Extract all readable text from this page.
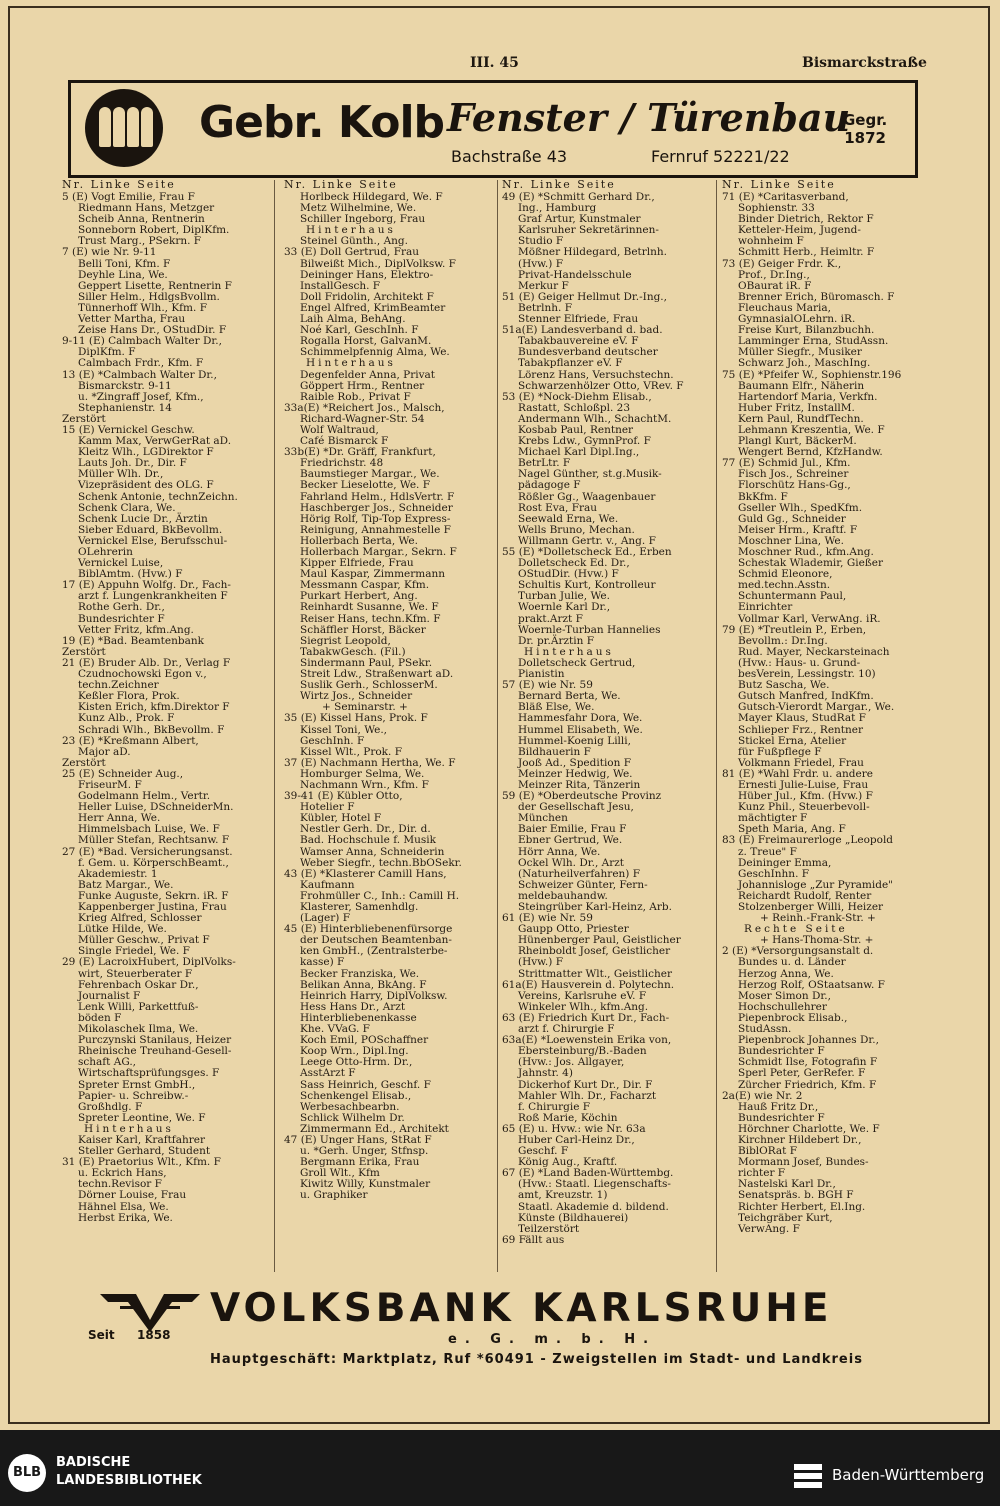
III. 45	Bismarckstraße
Gebr. Kolb Fenster / Türenbau
Gegr.
1872
Bachstraße 43	Fernruf 52221/22
Nr. Linke Seite
5 (E) Vogt Emilie, Frau F
Riedmann Hans, Metzger
Scheib Anna, Rentnerin
Sonneborn Robert, DiplKfm.
Trust Marg., PSekrn. F
7 (E) wie Nr. 9-11
Belli Toni, Kfm. F
Deyhle Lina, We.
Geppert Lisette, Rentnerin F
Siller Helm., HdlgsBvollm.
Tünnerhoff Wlh., Kfm. F
Vetter Martha, Frau
Zeise Hans Dr., OStudDir. F
9-11 (E) Calmbach Walter Dr.,
DiplKfm. F
Calmbach Frdr., Kfm. F
13 (E) *Calmbach Walter Dr.,
Bismarckstr. 9-11
u. *Zingraff Josef, Kfm.,
Stephanienstr. 14
Zerstört
15 (E) Vernickel Geschw.
Kamm Max, VerwGerRat aD.
Kleitz Wlh., LGDirektor F
Lauts Joh. Dr., Dir. F
Müller Wlh. Dr.,
Vizepräsident des OLG. F
Schenk Antonie, technZeichn.
Schenk Clara, We.
Schenk Lucie Dr., Ärztin
Sieber Eduard, BkBevollm.
Vernickel Else, Berufsschul-
OLehrerin
Vernickel Luise,
BiblAmtm. (Hvw.) F
17 (E) Appuhn Wolfg. Dr., Fach-
arzt f. Lungenkrankheiten F
Rothe Gerh. Dr.,
Bundesrichter F
Vetter Fritz, kfm.Ang.
19 (E) *Bad. Beamtenbank
Zerstört
21 (E) Bruder Alb. Dr., Verlag F
Czudnochowski Egon v.,
techn.Zeichner
Keßler Flora, Prok.
Kisten Erich, kfm.Direktor F
Kunz Alb., Prok. F
Schradi Wlh., BkBevollm. F
23 (E) *Kreßmann Albert,
Major aD.
Zerstört
25 (E) Schneider Aug.,
FriseurM. F
Godelmann Helm., Vertr.
Heller Luise, DSchneiderMn.
Herr Anna, We.
Himmelsbach Luise, We. F
Müller Stefan, Rechtsanw. F
27 (E) *Bad. Versicherungsanst.
f. Gem. u. KörperschBeamt.,
Akademiestr. 1
Batz Margar., We.
Funke Auguste, Sekrn. iR. F
Kappenberger Justina, Frau
Krieg Alfred, Schlosser
Lütke Hilde, We.
Müller Geschw., Privat F
Single Friedel, We. F
29 (E) LacroixHubert, DiplVolks-
wirt, Steuerberater F
Fehrenbach Oskar Dr.,
Journalist F
Lenk Willi, Parkettfuß-
böden F
Mikolaschek Ilma, We.
Purczynski Stanilaus, Heizer
Rheinische Treuhand-Gesell-
schaft AG.,
Wirtschaftsprüfungsges. F
Spreter Ernst GmbH.,
Papier- u. Schreibw.-
Großhdlg. F
Spreter Leontine, We. F
Hinterhaus
Kaiser Karl, Kraftfahrer
Steller Gerhard, Student
31 (E) Praetorius Wlt., Kfm. F
u. Eckrich Hans,
techn.Revisor F
Dörner Louise, Frau
Hähnel Elsa, We.
Herbst Erika, We.
Nr. Linke Seite
Horlbeck Hildegard, We. F
Metz Wilhelmine, We.
Schiller Ingeborg, Frau
Hinterhaus
Steinel Günth., Ang.
33 (E) Doll Gertrud, Frau
Bilweißt Mich., DiplVolksw. F
Deininger Hans, Elektro-
InstallGesch. F
Doll Fridolin, Architekt F
Engel Alfred, KrimBeamter
Laih Alma, BehAng.
Noé Karl, GeschInh. F
Rogalla Horst, GalvanM.
Schimmelpfennig Alma, We.
Hinterhaus
Degenfelder Anna, Privat
Göppert Hrm., Rentner
Raible Rob., Privat F
33a(E) *Reichert Jos., Malsch,
Richard-Wagner-Str. 54
Wolf Waltraud,
Café Bismarck F
33b(E) *Dr. Gräff, Frankfurt,
Friedrichstr. 48
Baumstieger Margar., We.
Becker Lieselotte, We. F
Fahrland Helm., HdlsVertr. F
Haschberger Jos., Schneider
Hörig Rolf, Tip-Top Express-
Reinigung, Annahmestelle F
Hollerbach Berta, We.
Hollerbach Margar., Sekrn. F
Kipper Elfriede, Frau
Maul Kaspar, Zimmermann
Messmann Caspar, Kfm.
Purkart Herbert, Ang.
Reinhardt Susanne, We. F
Reiser Hans, techn.Kfm. F
Schäffler Horst, Bäcker
Siegrist Leopold,
TabakwGesch. (Fil.)
Sindermann Paul, PSekr.
Streit Ldw., Straßenwart aD.
Suslik Gerh., SchlosserM.
Wirtz Jos., Schneider
+ Seminarstr. +
35 (E) Kissel Hans, Prok. F
Kissel Toni, We.,
GeschInh. F
Kissel Wlt., Prok. F
37 (E) Nachmann Hertha, We. F
Homburger Selma, We.
Nachmann Wrn., Kfm. F
39-41 (E) Kübler Otto,
Hotelier F
Kübler, Hotel F
Nestler Gerh. Dr., Dir. d.
Bad. Hochschule f. Musik
Wamser Anna, Schneiderin
Weber Siegfr., techn.BbOSekr.
43 (E) *Klasterer Camill Hans,
Kaufmann
Frohmüller C., Inh.: Camill H.
Klasterer, Samenhdlg.
(Lager) F
45 (E) Hinterbliebenenfürsorge
der Deutschen Beamtenban-
ken GmbH., (Zentralsterbe-
kasse) F
Becker Franziska, We.
Belikan Anna, BkAng. F
Heinrich Harry, DiplVolksw.
Hess Hans Dr., Arzt
Hinterbliebenenkasse
Khe. VVaG. F
Koch Emil, POSchaffner
Koop Wrn., Dipl.Ing.
Leege Otto-Hrm. Dr.,
AsstArzt F
Sass Heinrich, Geschf. F
Schenkengel Elisab.,
Werbesachbearbn.
Schlick Wilhelm Dr.
Zimmermann Ed., Architekt
47 (E) Unger Hans, StRat F
u. *Gerh. Unger, Stfnsp.
Bergmann Erika, Frau
Groll Wlt., Kfm
Kiwitz Willy, Kunstmaler
u. Graphiker
Nr. Linke Seite
49 (E) *Schmitt Gerhard Dr.,
Ing., Hamburg
Graf Artur, Kunstmaler
Karlsruher Sekretärinnen-
Studio F
Mößner Hildegard, Betrlnh.
(Hvw.) F
Privat-Handelsschule
Merkur F
51 (E) Geiger Hellmut Dr.-Ing.,
Betrlnh. F
Stenner Elfriede, Frau
51a(E) Landesverband d. bad.
Tabakbauvereine eV. F
Bundesverband deutscher
Tabakpflanzer eV. F
Lörenz Hans, Versuchstechn.
Schwarzenhölzer Otto, VRev. F
53 (E) *Nock-Diehm Elisab.,
Rastatt, Schloßpl. 23
Andermann Wlh., SchachtM.
Kosbab Paul, Rentner
Krebs Ldw., GymnProf. F
Michael Karl Dipl.Ing.,
BetrLtr. F
Nagel Günther, st.g.Musik-
pädagoge F
Rößler Gg., Waagenbauer
Rost Eva, Frau
Seewald Erna, We.
Wells Bruno, Mechan.
Willmann Gertr. v., Ang. F
55 (E) *Dolletscheck Ed., Erben
Dolletscheck Ed. Dr.,
OStudDir. (Hvw.) F
Schultis Kurt, Kontrolleur
Turban Julie, We.
Woernle Karl Dr.,
prakt.Arzt F
Woernle-Turban Hannelies
Dr. pr.Ärztin F
Hinterhaus
Dolletscheck Gertrud,
Pianistin
57 (E) wie Nr. 59
Bernard Berta, We.
Bläß Else, We.
Hammesfahr Dora, We.
Hummel Elisabeth, We.
Hummel-Koenig Lilli,
Bildhauerin F
Jooß Ad., Spedition F
Meinzer Hedwig, We.
Meinzer Rita, Tänzerin
59 (E) *Oberdeutsche Provinz
der Gesellschaft Jesu,
München
Baier Emilie, Frau F
Ebner Gertrud, We.
Hörr Anna, We.
Ockel Wlh. Dr., Arzt
(Naturheilverfahren) F
Schweizer Günter, Fern-
meldebauhandw.
Steingrüber Karl-Heinz, Arb.
61 (E) wie Nr. 59
Gaupp Otto, Priester
Hünenberger Paul, Geistlicher
Rheinboldt Josef, Geistlicher
(Hvw.) F
Strittmatter Wlt., Geistlicher
61a(E) Hausverein d. Polytechn.
Vereins, Karlsruhe eV. F
Winkeler Wlh., kfm.Ang.
63 (E) Friedrich Kurt Dr., Fach-
arzt f. Chirurgie F
63a(E) *Loewenstein Erika von,
Ebersteinburg/B.-Baden
(Hvw.: Jos. Allgayer,
Jahnstr. 4)
Dickerhof Kurt Dr., Dir. F
Mahler Wlh. Dr., Facharzt
f. Chirurgie F
Roß Marie, Köchin
65 (E) u. Hvw.: wie Nr. 63a
Huber Carl-Heinz Dr.,
Geschf. F
König Aug., Kraftf.
67 (E) *Land Baden-Württembg.
(Hvw.: Staatl. Liegenschafts-
amt, Kreuzstr. 1)
Staatl. Akademie d. bildend.
Künste (Bildhauerei)
Teilzerstört
69 Fällt aus
Nr. Linke Seite
71 (E) *Caritasverband,
Sophienstr. 33
Binder Dietrich, Rektor F
Ketteler-Heim, Jugend-
wohnheim F
Schmitt Herb., Heimltr. F
73 (E) Geiger Frdr. K.,
Prof., Dr.Ing.,
OBaurat iR. F
Brenner Erich, Büromasch. F
Fleuchaus Maria,
GymnasialOLehrn. iR.
Freise Kurt, Bilanzbuchh.
Lamminger Erna, StudAssn.
Müller Siegfr., Musiker
Schwarz Joh., MaschIng.
75 (E) *Pfeifer W., Sophienstr.196
Baumann Elfr., Näherin
Hartendorf Maria, Verkfn.
Huber Fritz, InstallM.
Kern Paul, RundfTechn.
Lehmann Kreszentia, We. F
Plangl Kurt, BäckerM.
Wengert Bernd, KfzHandw.
77 (E) Schmid Jul., Kfm.
Fisch Jos., Schreiner
Florschütz Hans-Gg.,
BkKfm. F
Gseller Wlh., SpedKfm.
Guld Gg., Schneider
Meiser Hrm., Kraftf. F
Moschner Lina, We.
Moschner Rud., kfm.Ang.
Schestak Wlademir, Gießer
Schmid Eleonore,
med.techn.Asstn.
Schuntermann Paul,
Einrichter
Vollmar Karl, VerwAng. iR.
79 (E) *Treutlein P., Erben,
Bevollm.: Dr.Ing.
Rud. Mayer, Neckarsteinach
(Hvw.: Haus- u. Grund-
besVerein, Lessingstr. 10)
Butz Sascha, We.
Gutsch Manfred, IndKfm.
Gutsch-Vierordt Margar., We.
Mayer Klaus, StudRat F
Schlieper Frz., Rentner
Stickel Erna, Atelier
für Fußpflege F
Volkmann Friedel, Frau
81 (E) *Wahl Frdr. u. andere
Ernesti Julie-Luise, Frau
Hüber Jul., Kfm. (Hvw.) F
Kunz Phil., Steuerbevoll-
mächtigter F
Speth Maria, Ang. F
83 (E) Freimaurerloge „Leopold
z. Treue" F
Deininger Emma,
GeschInhn. F
Johannisloge „Zur Pyramide"
Reichardt Rudolf, Renter
Stolzenberger Willi, Heizer
+ Reinh.-Frank-Str. +
Rechte Seite
+ Hans-Thoma-Str. +
2 (E) *Versorgungsanstalt d.
Bundes u. d. Länder
Herzog Anna, We.
Herzog Rolf, OStaatsanw. F
Moser Simon Dr.,
Hochschullehrer
Piepenbrock Elisab.,
StudAssn.
Piepenbrock Johannes Dr.,
Bundesrichter F
Schmidt Ilse, Fotografin F
Sperl Peter, GerRefer. F
Zürcher Friedrich, Kfm. F
2a(E) wie Nr. 2
Hauß Fritz Dr.,
Bundesrichter F
Hörchner Charlotte, We. F
Kirchner Hildebert Dr.,
BiblORat F
Mormann Josef, Bundes-
richter F
Nastelski Karl Dr.,
Senatspräs. b. BGH F
Richter Herbert, El.Ing.
Teichgräber Kurt,
VerwAng. F
Seit 1858
VOLKSBANK KARLSRUHE
e. G. m. b. H.
Hauptgeschäft: Marktplatz, Ruf *60491 - Zweigstellen im Stadt- und Landkreis
BLB
BADISCHE
LANDESBIBLIOTHEK	Baden-Württemberg
